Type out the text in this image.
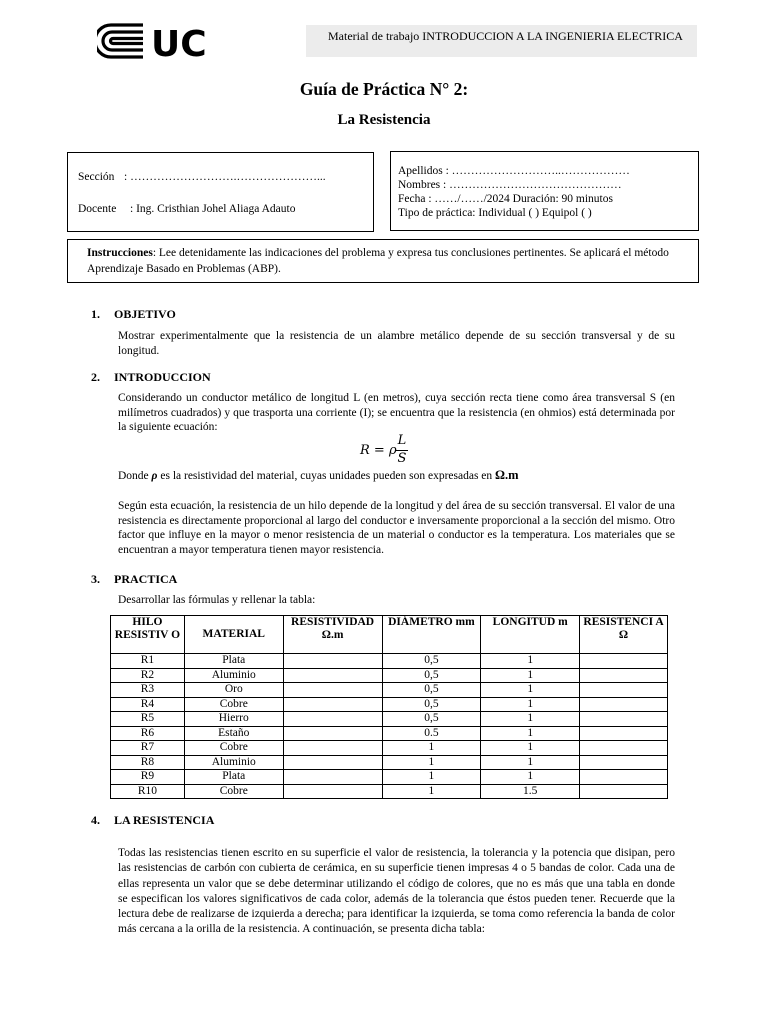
UC	Material de trabajo INTRODUCCION A LA INGENIERIA ELECTRICA
Guía de Práctica N° 2:
La Resistencia
Sección : ……………………….…………………...
Docente : Ing. Cristhian Johel Aliaga Adauto
Apellidos : ………………………..………………
Nombres : ………………………………………
Fecha : ……/……/2024 Duración: 90 minutos
Tipo de práctica: Individual ( ) Equipol ( )
Instrucciones: Lee detenidamente las indicaciones del problema y expresa tus conclusiones pertinentes. Se aplicará el método Aprendizaje Basado en Problemas (ABP).
1. OBJETIVO
Mostrar experimentalmente que la resistencia de un alambre metálico depende de su sección transversal y de su longitud.
2. INTRODUCCION
Considerando un conductor metálico de longitud L (en metros), cuya sección recta tiene como área transversal S (en milímetros cuadrados) y que trasporta una corriente (I); se encuentra que la resistencia (en ohmios) está determinada por la siguiente ecuación:
R = ρ
L
S
Donde ρ es la resistividad del material, cuyas unidades pueden son expresadas en Ω.m
Según esta ecuación, la resistencia de un hilo depende de la longitud y del área de su sección transversal. El valor de una resistencia es directamente proporcional al largo del conductor e inversamente proporcional a la sección del mismo. Otro factor que influye en la mayor o menor resistencia de un material o conductor es la temperatura. Los materiales que se encuentran a mayor temperatura tienen mayor resistencia.
3. PRACTICA
Desarrollar las fórmulas y rellenar la tabla:
HILO RESISTIV O	MATERIAL	RESISTIVIDAD Ω.m	DIÁMETRO mm	LONGITUD m	RESISTENCI A Ω
R1	Plata		0,5	1	
R2	Aluminio		0,5	1	
R3	Oro		0,5	1	
R4	Cobre		0,5	1	
R5	Hierro		0,5	1	
R6	Estaño		0.5	1	
R7	Cobre		1	1	
R8	Aluminio		1	1	
R9	Plata		1	1	
R10	Cobre		1	1.5	
4. LA RESISTENCIA
Todas las resistencias tienen escrito en su superficie el valor de resistencia, la tolerancia y la potencia que disipan, pero las resistencias de carbón con cubierta de cerámica, en su superficie tienen impresas 4 o 5 bandas de color. Cada una de ellas representa un valor que se debe determinar utilizando el código de colores, que no es más que una tabla en donde se especifican los valores significativos de cada color, además de la tolerancia que éstos pueden tener. Recuerde que la lectura debe de realizarse de izquierda a derecha; para identificar la izquierda, se toma como referencia la banda de color más cercana a la orilla de la resistencia. A continuación, se presenta dicha tabla:
